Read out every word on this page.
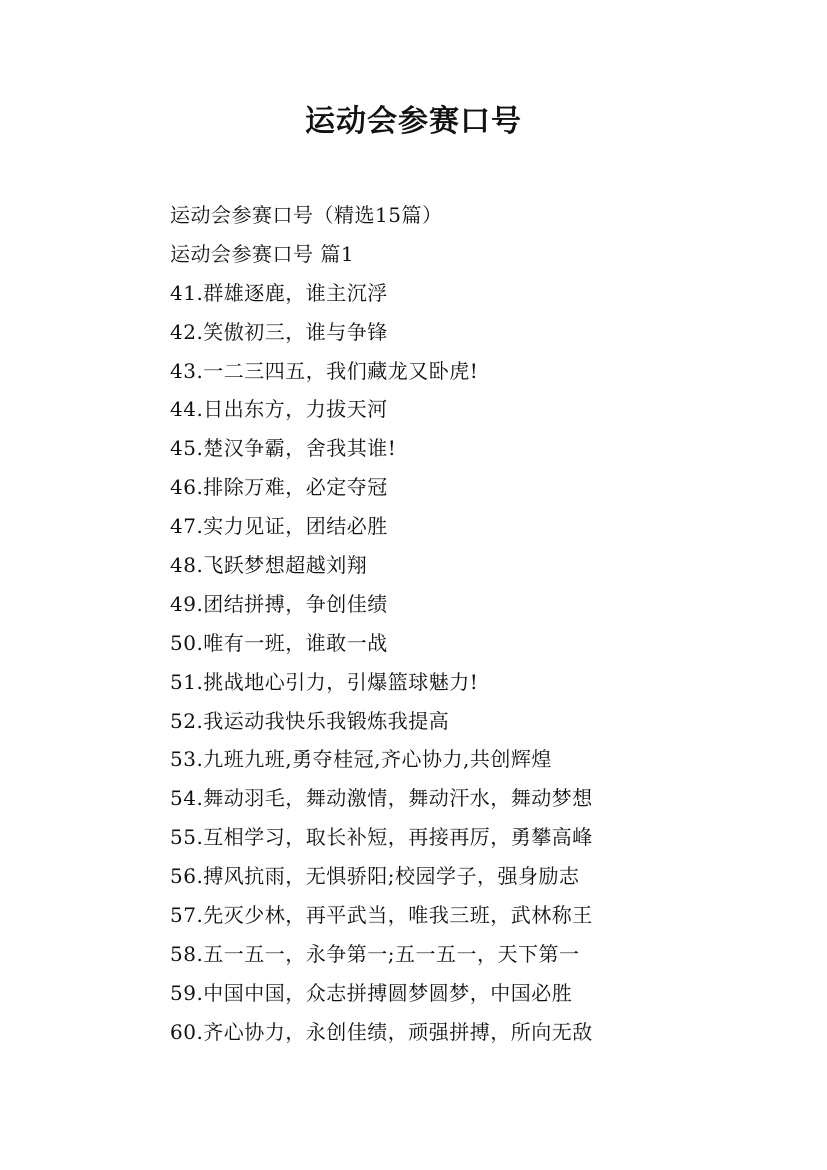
运动会参赛口号
运动会参赛口号（精选15篇）
运动会参赛口号 篇1
41.群雄逐鹿，谁主沉浮
42.笑傲初三，谁与争锋
43.一二三四五，我们藏龙又卧虎!
44.日出东方，力拔天河
45.楚汉争霸，舍我其谁!
46.排除万难，必定夺冠
47.实力见证，团结必胜
48.飞跃梦想超越刘翔
49.团结拼搏，争创佳绩
50.唯有一班，谁敢一战
51.挑战地心引力，引爆篮球魅力!
52.我运动我快乐我锻炼我提高
53.九班九班,勇夺桂冠,齐心协力,共创辉煌
54.舞动羽毛，舞动激情，舞动汗水，舞动梦想
55.互相学习，取长补短，再接再厉，勇攀高峰
56.搏风抗雨，无惧骄阳;校园学子，强身励志
57.先灭少林，再平武当，唯我三班，武林称王
58.五一五一，永争第一;五一五一，天下第一
59.中国中国，众志拼搏圆梦圆梦，中国必胜
60.齐心协力，永创佳绩，顽强拼搏，所向无敌
